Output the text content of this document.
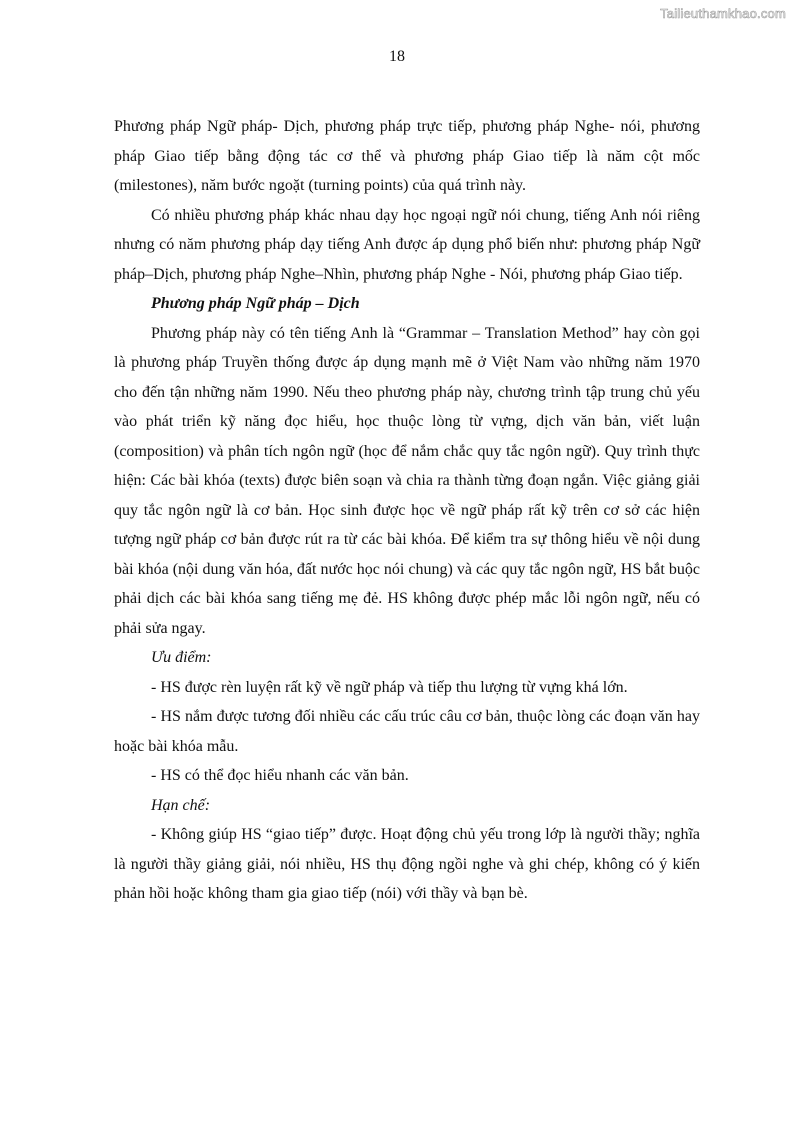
Tailieuthamkhao.com
18

Phương pháp Ngữ pháp- Dịch, phương pháp trực tiếp, phương pháp Nghe- nói, phương pháp Giao tiếp bằng động tác cơ thể và phương pháp Giao tiếp là năm cột mốc (milestones), năm bước ngoặt (turning points) của quá trình này.

Có nhiều phương pháp khác nhau dạy học ngoại ngữ nói chung, tiếng Anh nói riêng nhưng có năm phương pháp dạy tiếng Anh được áp dụng phổ biến như: phương pháp Ngữ pháp–Dịch, phương pháp Nghe–Nhìn, phương pháp Nghe - Nói, phương pháp Giao tiếp.

Phương pháp Ngữ pháp – Dịch

Phương pháp này có tên tiếng Anh là “Grammar – Translation Method” hay còn gọi là phương pháp Truyền thống được áp dụng mạnh mẽ ở Việt Nam vào những năm 1970 cho đến tận những năm 1990. Nếu theo phương pháp này, chương trình tập trung chủ yếu vào phát triển kỹ năng đọc hiểu, học thuộc lòng từ vựng, dịch văn bản, viết luận (composition) và phân tích ngôn ngữ (học để nắm chắc quy tắc ngôn ngữ). Quy trình thực hiện: Các bài khóa (texts) được biên soạn và chia ra thành từng đoạn ngắn. Việc giảng giải quy tắc ngôn ngữ là cơ bản. Học sinh được học về ngữ pháp rất kỹ trên cơ sở các hiện tượng ngữ pháp cơ bản được rút ra từ các bài khóa. Để kiểm tra sự thông hiểu về nội dung bài khóa (nội dung văn hóa, đất nước học nói chung) và các quy tắc ngôn ngữ, HS bắt buộc phải dịch các bài khóa sang tiếng mẹ đẻ. HS không được phép mắc lỗi ngôn ngữ, nếu có phải sửa ngay.

Ưu điểm:

- HS được rèn luyện rất kỹ về ngữ pháp và tiếp thu lượng từ vựng khá lớn.

- HS nắm được tương đối nhiều các cấu trúc câu cơ bản, thuộc lòng các đoạn văn hay hoặc bài khóa mẫu.

- HS có thể đọc hiểu nhanh các văn bản.

Hạn chế:

- Không giúp HS “giao tiếp” được. Hoạt động chủ yếu trong lớp là người thầy; nghĩa là người thầy giảng giải, nói nhiều, HS thụ động ngồi nghe và ghi chép, không có ý kiến phản hồi hoặc không tham gia giao tiếp (nói) với thầy và bạn bè.
